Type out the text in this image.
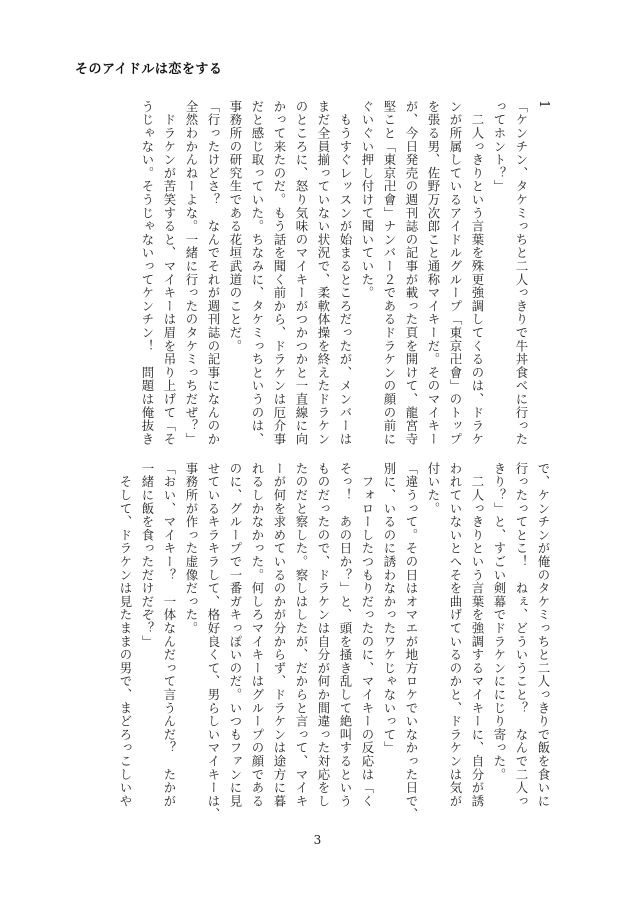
そのアイドルは恋をする
1

「ケンチン、タケミっちと二人っきりで牛丼食べに行った

ってホント？」

　二人っきりという言葉を殊更強調してくるのは、ドラケ

ンが所属しているアイドルグループ「東京卍會」のトップ

を張る男、佐野万次郎こと通称マイキーだ。そのマイキー

が、今日発売の週刊誌の記事が載った頁を開けて、龍宮寺

堅こと「東京卍會」ナンバー２であるドラケンの顔の前に

ぐいぐい押し付けて聞いていた。

　もうすぐレッスンが始まるところだったが、メンバーは

まだ全員揃っていない状況で、柔軟体操を終えたドラケン

のところに、怒り気味のマイキーがつかつかと一直線に向

かって来たのだ。もう話を聞く前から、ドラケンは厄介事

だと感じ取っていた。ちなみに、タケミっちというのは、

事務所の研究生である花垣武道のことだ。

「行ったけどさ？　なんでそれが週刊誌の記事になんのか

全然わかんねーよな。一緒に行ったのタケミっちだぜ？」

　ドラケンが苦笑すると、マイキーは眉を吊り上げて「そ

うじゃない。そうじゃないってケンチン！　問題は俺抜き

で、ケンチンが俺のタケミっちと二人っきりで飯を食いに

行ったってとこ！　ねぇ、どういうこと？　なんで二人っ

きり？」と、すごい剣幕でドラケンににじり寄った。

　二人っきりという言葉を強調するマイキーに、自分が誘

われていないとへそを曲げているのかと、ドラケンは気が

付いた。

「違うって。その日はオマエが地方ロケでいなかった日で、

別に、いるのに誘わなかったワケじゃないって」

　フォローしたつもりだったのに、マイキーの反応は「く

そっ！　あの日か？」と、頭を掻き乱して絶叫するという

ものだったので、ドラケンは自分が何か間違った対応をし

たのだと察した。察しはしたが、だからと言って、マイキ

ーが何を求めているのかが分からず、ドラケンは途方に暮

れるしかなかった。何しろマイキーはグループの顔である

のに、グループで一番ガキっぽいのだ。いつもファンに見

せているキラキラして、格好良くて、男らしいマイキーは、

事務所が作った虚像だった。

「おい、マイキー？　一体なんだって言うんだ？　たかが

一緒に飯を食っただけだぞ？」

　そして、ドラケンは見たままの男で、まどろっこしいや

3
